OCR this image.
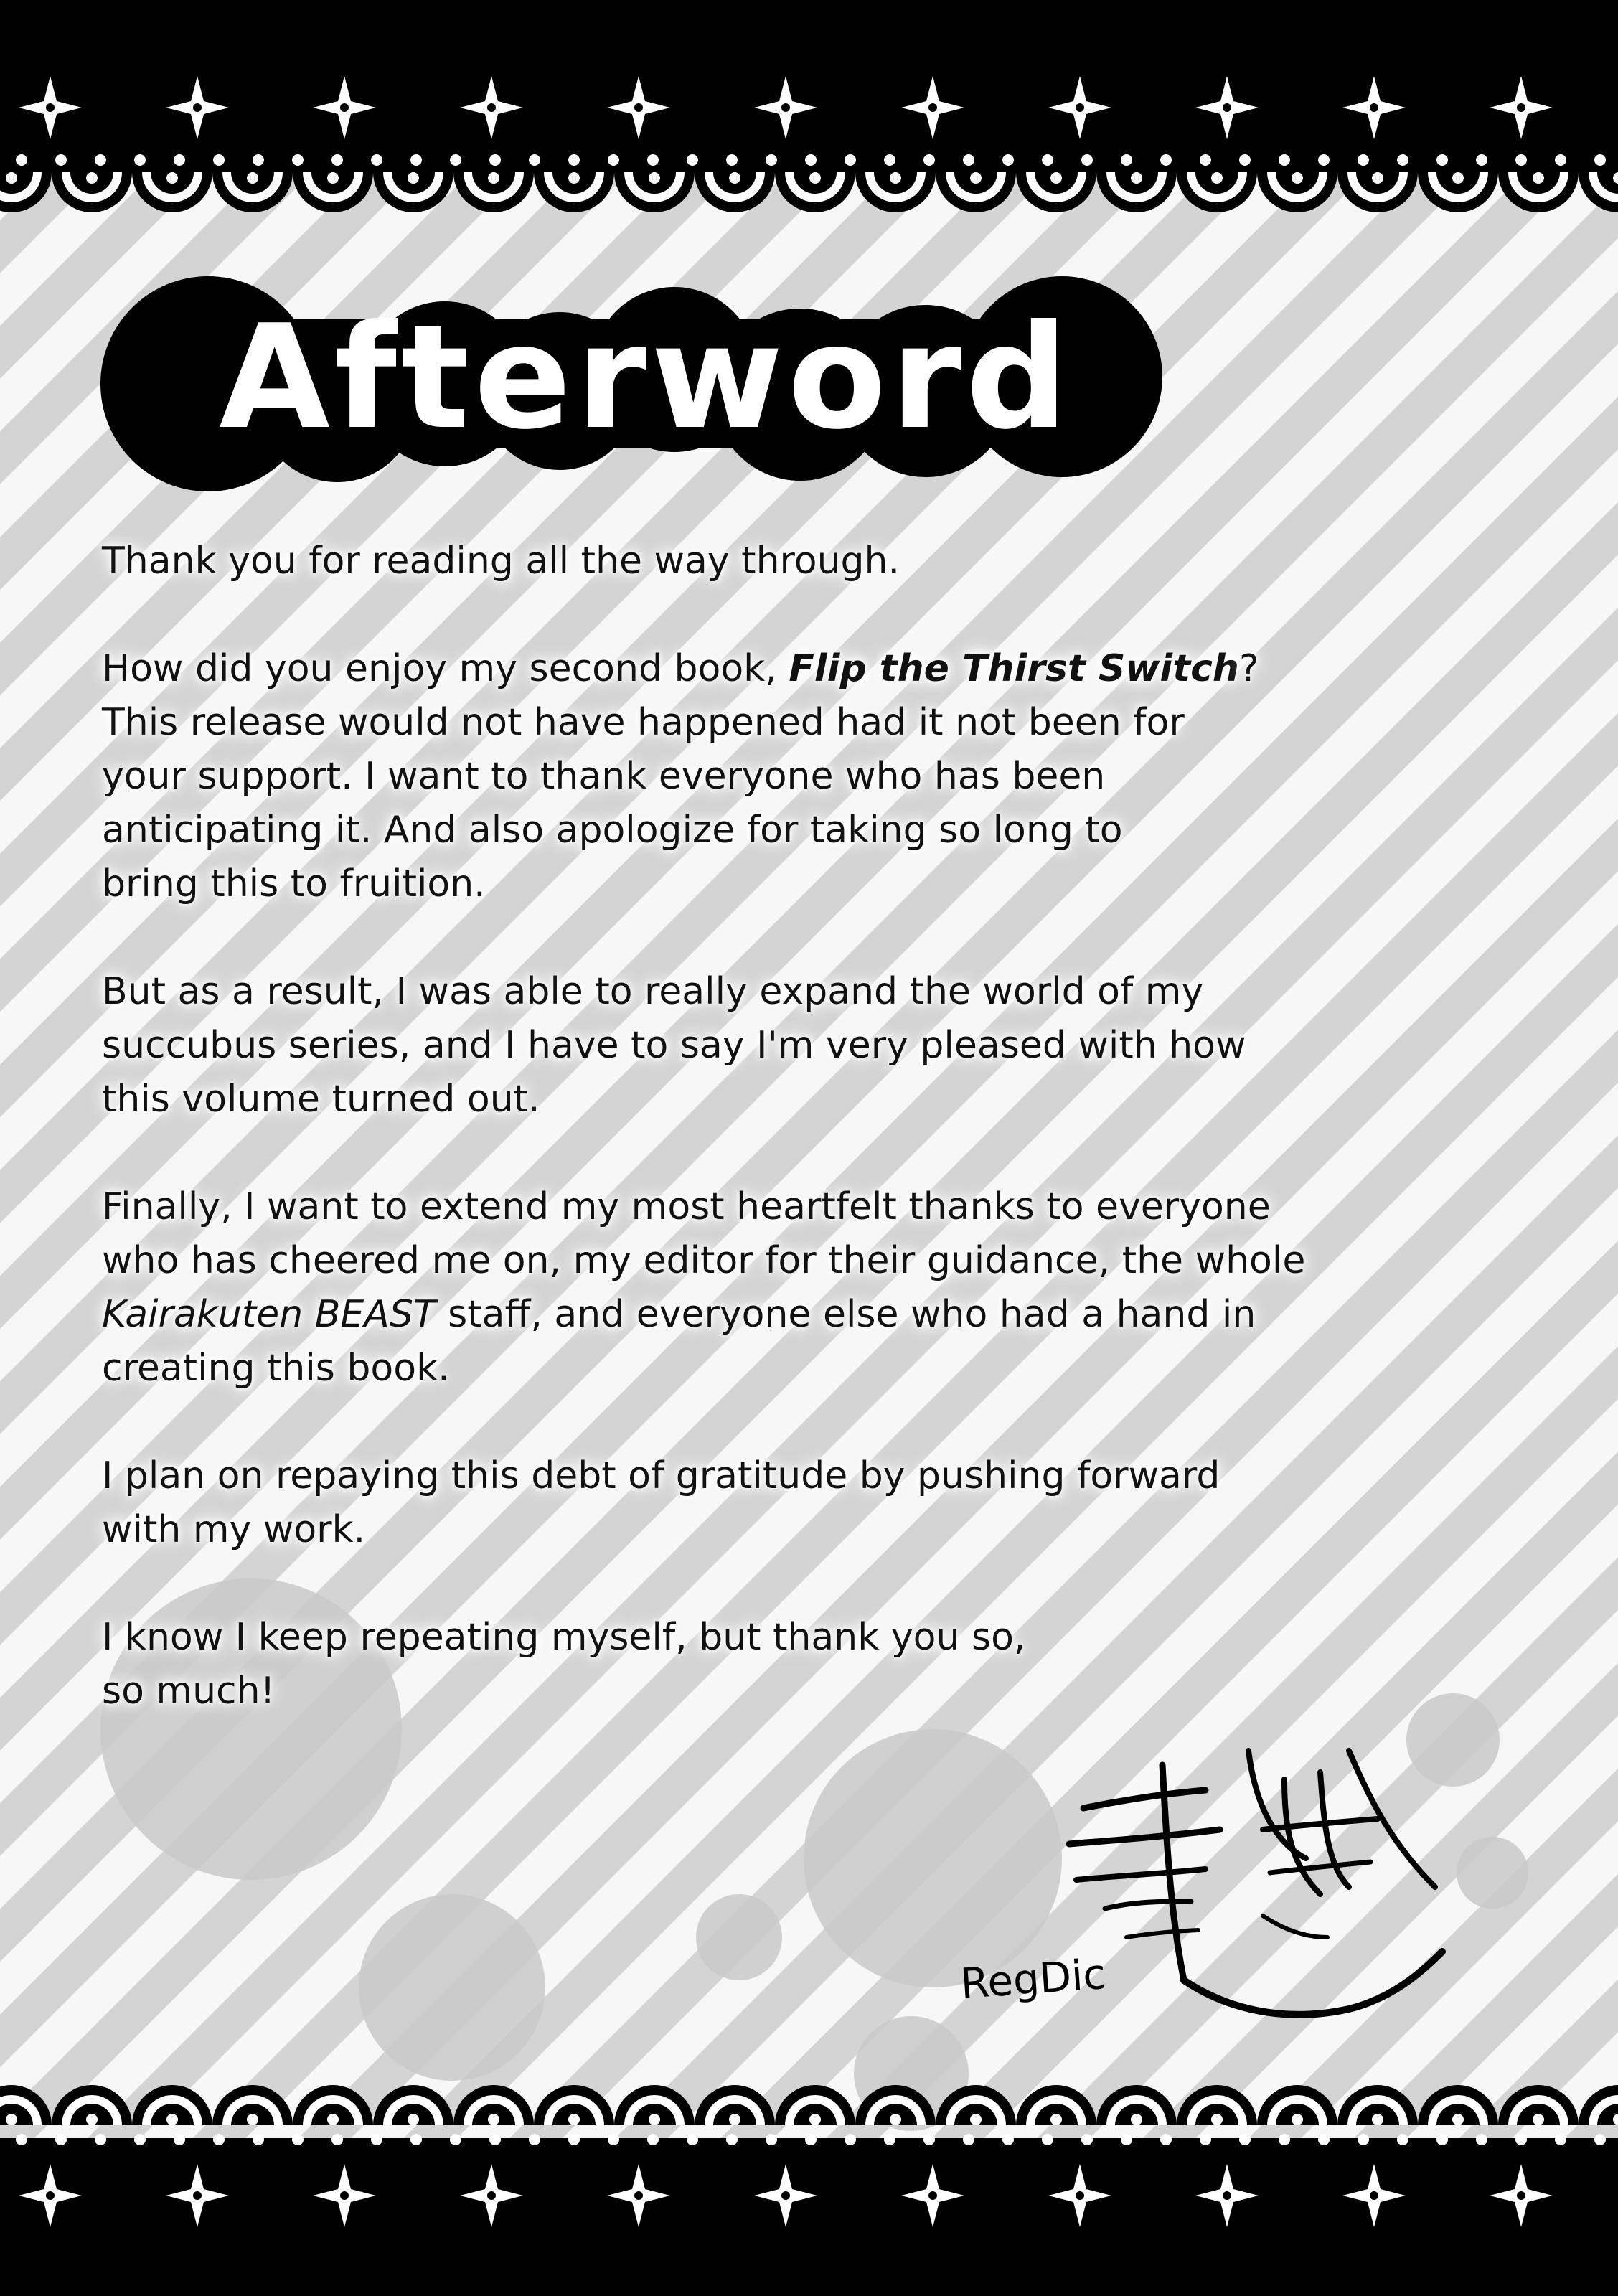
Afterword

Thank you for reading all the way through.

How did you enjoy my second book, Flip the Thirst Switch?
This release would not have happened had it not been for
your support. I want to thank everyone who has been
anticipating it. And also apologize for taking so long to
bring this to fruition.

But as a result, I was able to really expand the world of my
succubus series, and I have to say I'm very pleased with how
this volume turned out.

Finally, I want to extend my most heartfelt thanks to everyone
who has cheered me on, my editor for their guidance, the whole
Kairakuten BEAST staff, and everyone else who had a hand in
creating this book.

I plan on repaying this debt of gratitude by pushing forward
with my work.

I know I keep repeating myself, but thank you so,
so much!

RegDic
